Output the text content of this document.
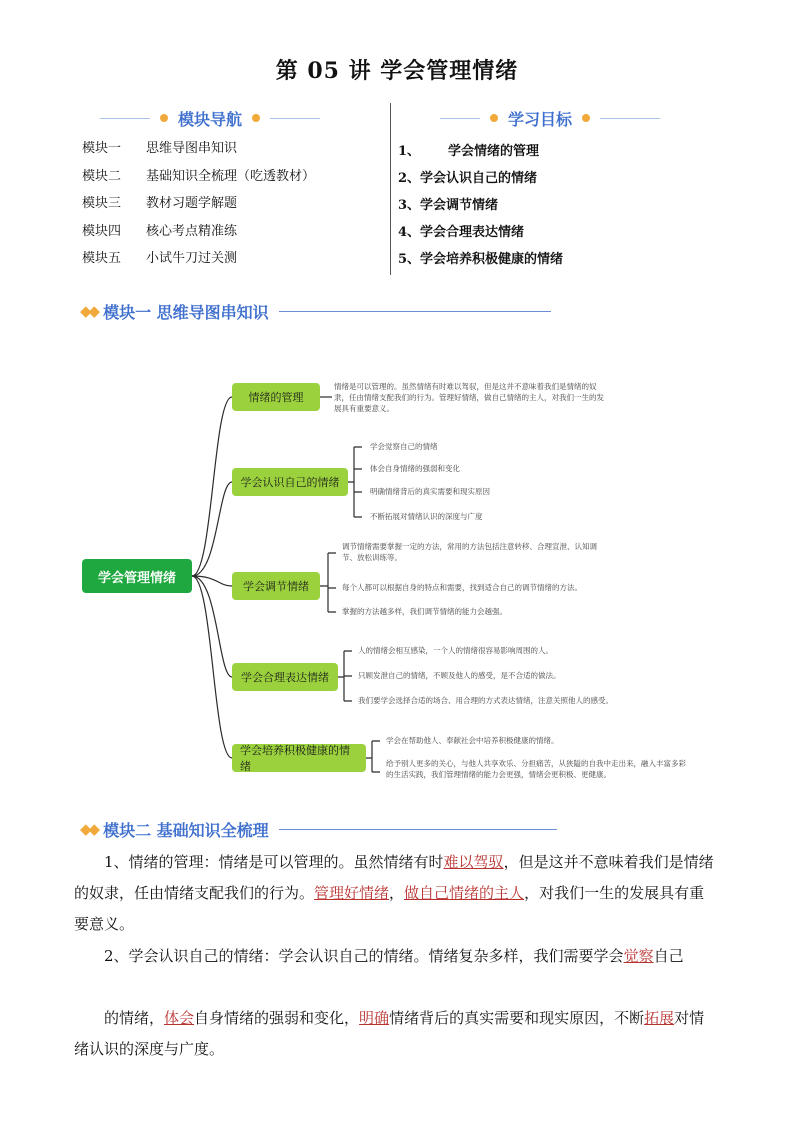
第 05 讲 学会管理情绪
模块导航
模块一	思维导图串知识
模块二	基础知识全梳理（吃透教材）
模块三	教材习题学解题
模块四	核心考点精准练
模块五	小试牛刀过关测
学习目标
1、	学会情绪的管理
2、 学会认识自己的情绪
3、 学会调节情绪
4、 学会合理表达情绪
5、 学会培养积极健康的情绪
◆◆ 模块一 思维导图串知识
学会管理情绪
情绪的管理
情绪是可以管理的。虽然情绪有时难以驾驭，但是这并不意味着我们是情绪的奴隶，任由情绪支配我们的行为。管理好情绪，做自己情绪的主人，对我们一生的发展具有重要意义。
学会认识自己的情绪
学会觉察自己的情绪
体会自身情绪的强弱和变化
明确情绪背后的真实需要和现实原因
不断拓展对情绪认识的深度与广度
学会调节情绪
调节情绪需要掌握一定的方法，常用的方法包括注意转移、合理宣泄、认知调节、放松训练等。
每个人都可以根据自身的特点和需要，找到适合自己的调节情绪的方法。
掌握的方法越多样，我们调节情绪的能力会越强。
学会合理表达情绪
人的情绪会相互感染，一个人的情绪很容易影响周围的人。
只顾发泄自己的情绪，不顾及他人的感受，是不合适的做法。
我们要学会选择合适的场合、用合理的方式表达情绪，注意关照他人的感受。
学会培养积极健康的情绪
学会在帮助他人、奉献社会中培养积极健康的情绪。
给予别人更多的关心，与他人共享欢乐、分担痛苦，从狭隘的自我中走出来，融入丰富多彩的生活实践，我们管理情绪的能力会更强，情绪会更积极、更健康。
◆◆ 模块二 基础知识全梳理
1、情绪的管理：情绪是可以管理的。虽然情绪有时难以驾驭，但是这并不意味着我们是情绪的奴隶，任由情绪支配我们的行为。管理好情绪，做自己情绪的主人，对我们一生的发展具有重要意义。
2、学会认识自己的情绪：学会认识自己的情绪。情绪复杂多样，我们需要学会觉察自己
的情绪，体会自身情绪的强弱和变化，明确情绪背后的真实需要和现实原因，不断拓展对情绪认识的深度与广度。
